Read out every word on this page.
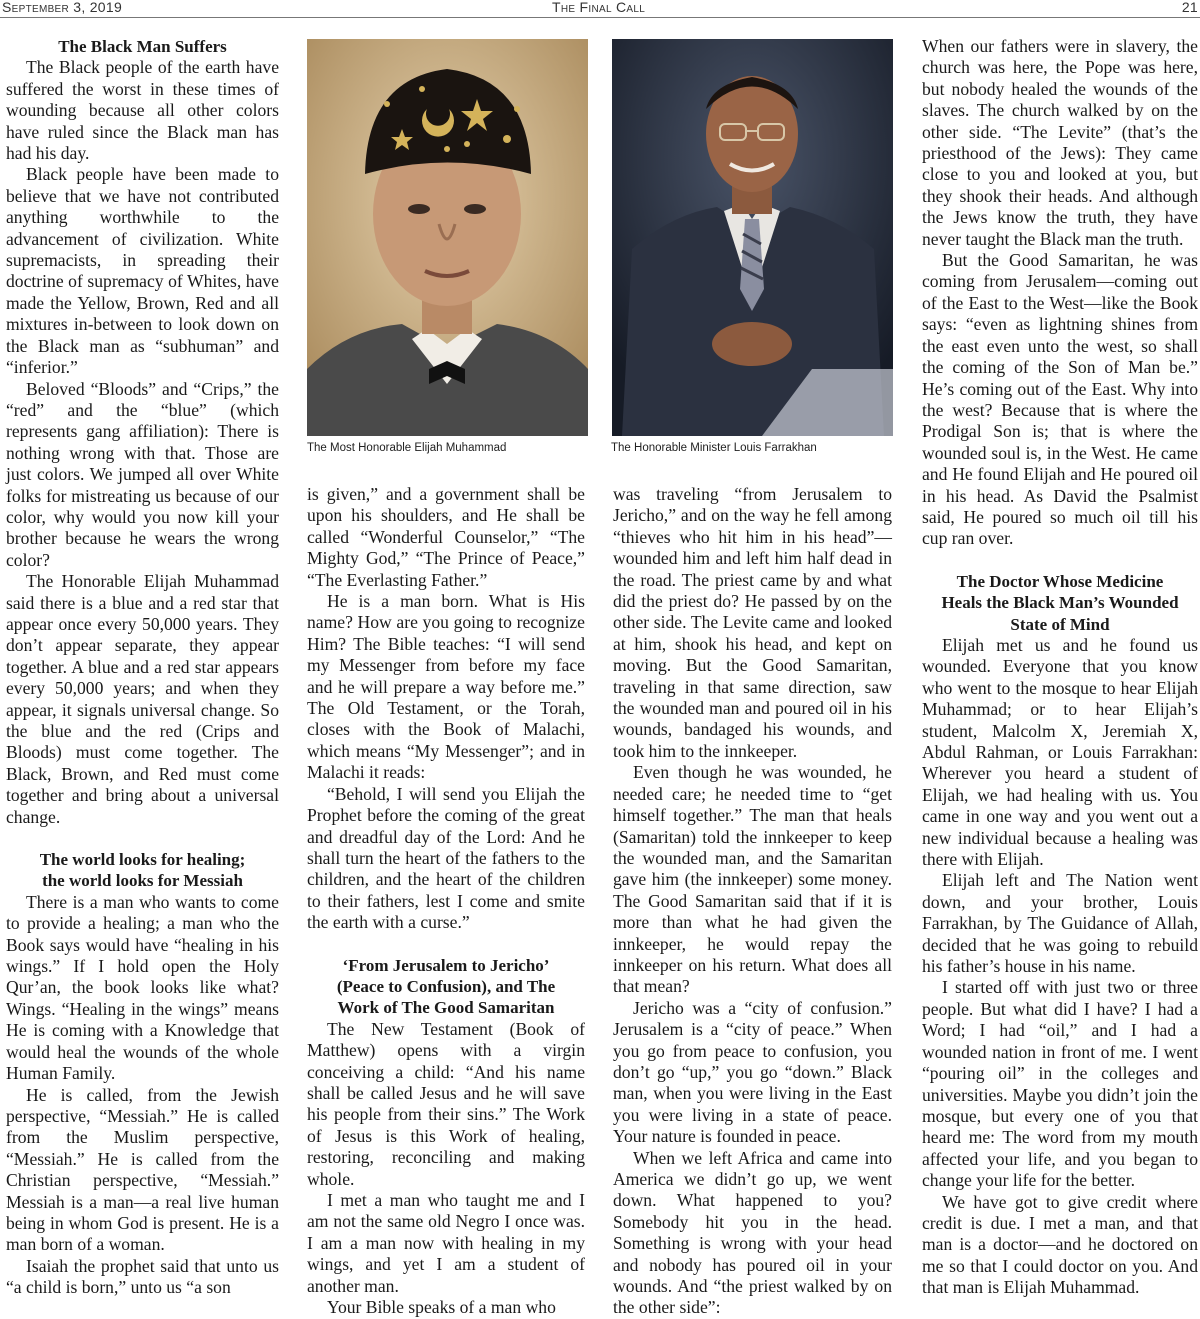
September 3, 2019	The Final Call	21
The Black Man Suffers

The Black people of the earth have suffered the worst in these times of wounding because all other colors have ruled since the Black man has had his day.

Black people have been made to believe that we have not contributed anything worthwhile to the advancement of civilization. White supremacists, in spreading their doctrine of supremacy of Whites, have made the Yellow, Brown, Red and all mixtures in-between to look down on the Black man as “subhuman” and “inferior.”

Beloved “Bloods” and “Crips,” the “red” and the “blue” (which represents gang affiliation): There is nothing wrong with that. Those are just colors. We jumped all over White folks for mistreating us because of our color, why would you now kill your brother because he wears the wrong color?

The Honorable Elijah Muhammad said there is a blue and a red star that appear once every 50,000 years. They don’t appear separate, they appear together. A blue and a red star appears every 50,000 years; and when they appear, it signals universal change. So the blue and the red (Crips and Bloods) must come together. The Black, Brown, and Red must come together and bring about a universal change.

The world looks for healing;
the world looks for Messiah

There is a man who wants to come to provide a healing; a man who the Book says would have “healing in his wings.” If I hold open the Holy Qur’an, the book looks like what? Wings. “Healing in the wings” means He is coming with a Knowledge that would heal the wounds of the whole Human Family.

He is called, from the Jewish perspective, “Messiah.” He is called from the Muslim perspective, “Messiah.” He is called from the Christian perspective, “Messiah.” Messiah is a man—a real live human being in whom God is present. He is a man born of a woman.

Isaiah the prophet said that unto us “a child is born,” unto us “a son

The Most Honorable Elijah Muhammad	The Honorable Minister Louis Farrakhan

is given,” and a government shall be upon his shoulders, and He shall be called “Wonderful Counselor,” “The Mighty God,” “The Prince of Peace,” “The Everlasting Father.”

He is a man born. What is His name? How are you going to recognize Him? The Bible teaches: “I will send my Messenger from before my face and he will prepare a way before me.” The Old Testament, or the Torah, closes with the Book of Malachi, which means “My Messenger”; and in Malachi it reads:

“Behold, I will send you Elijah the Prophet before the coming of the great and dreadful day of the Lord: And he shall turn the heart of the fathers to the children, and the heart of the children to their fathers, lest I come and smite the earth with a curse.”

‘From Jerusalem to Jericho’
(Peace to Confusion), and The
Work of The Good Samaritan

The New Testament (Book of Matthew) opens with a virgin conceiving a child: “And his name shall be called Jesus and he will save his people from their sins.” The Work of Jesus is this Work of healing, restoring, reconciling and making whole.

I met a man who taught me and I am not the same old Negro I once was. I am a man now with healing in my wings, and yet I am a student of another man.

Your Bible speaks of a man who

was traveling “from Jerusalem to Jericho,” and on the way he fell among “thieves who hit him in his head”—wounded him and left him half dead in the road. The priest came by and what did the priest do? He passed by on the other side. The Levite came and looked at him, shook his head, and kept on moving. But the Good Samaritan, traveling in that same direction, saw the wounded man and poured oil in his wounds, bandaged his wounds, and took him to the innkeeper.

Even though he was wounded, he needed care; he needed time to “get himself together.” The man that heals (Samaritan) told the innkeeper to keep the wounded man, and the Samaritan gave him (the innkeeper) some money. The Good Samaritan said that if it is more than what he had given the innkeeper, he would repay the innkeeper on his return. What does all that mean?

Jericho was a “city of confusion.” Jerusalem is a “city of peace.” When you go from peace to confusion, you don’t go “up,” you go “down.” Black man, when you were living in the East you were living in a state of peace. Your nature is founded in peace.

When we left Africa and came into America we didn’t go up, we went down. What happened to you? Somebody hit you in the head. Something is wrong with your head and nobody has poured oil in your wounds. And “the priest walked by on the other side”:

When our fathers were in slavery, the church was here, the Pope was here, but nobody healed the wounds of the slaves. The church walked by on the other side. “The Levite” (that’s the priesthood of the Jews): They came close to you and looked at you, but they shook their heads. And although the Jews know the truth, they have never taught the Black man the truth.

But the Good Samaritan, he was coming from Jerusalem—coming out of the East to the West—like the Book says: “even as lightning shines from the east even unto the west, so shall the coming of the Son of Man be.” He’s coming out of the East. Why into the west? Because that is where the Prodigal Son is; that is where the wounded soul is, in the West. He came and He found Elijah and He poured oil in his head. As David the Psalmist said, He poured so much oil till his cup ran over.

The Doctor Whose Medicine
Heals the Black Man’s Wounded
State of Mind

Elijah met us and he found us wounded. Everyone that you know who went to the mosque to hear Elijah Muhammad; or to hear Elijah’s student, Malcolm X, Jeremiah X, Abdul Rahman, or Louis Farrakhan: Wherever you heard a student of Elijah, we had healing with us. You came in one way and you went out a new individual because a healing was there with Elijah.

Elijah left and The Nation went down, and your brother, Louis Farrakhan, by The Guidance of Allah, decided that he was going to rebuild his father’s house in his name.

I started off with just two or three people. But what did I have? I had a Word; I had “oil,” and I had a wounded nation in front of me. I went “pouring oil” in the colleges and universities. Maybe you didn’t join the mosque, but every one of you that heard me: The word from my mouth affected your life, and you began to change your life for the better.

We have got to give credit where credit is due. I met a man, and that man is a doctor—and he doctored on me so that I could doctor on you. And that man is Elijah Muhammad.
